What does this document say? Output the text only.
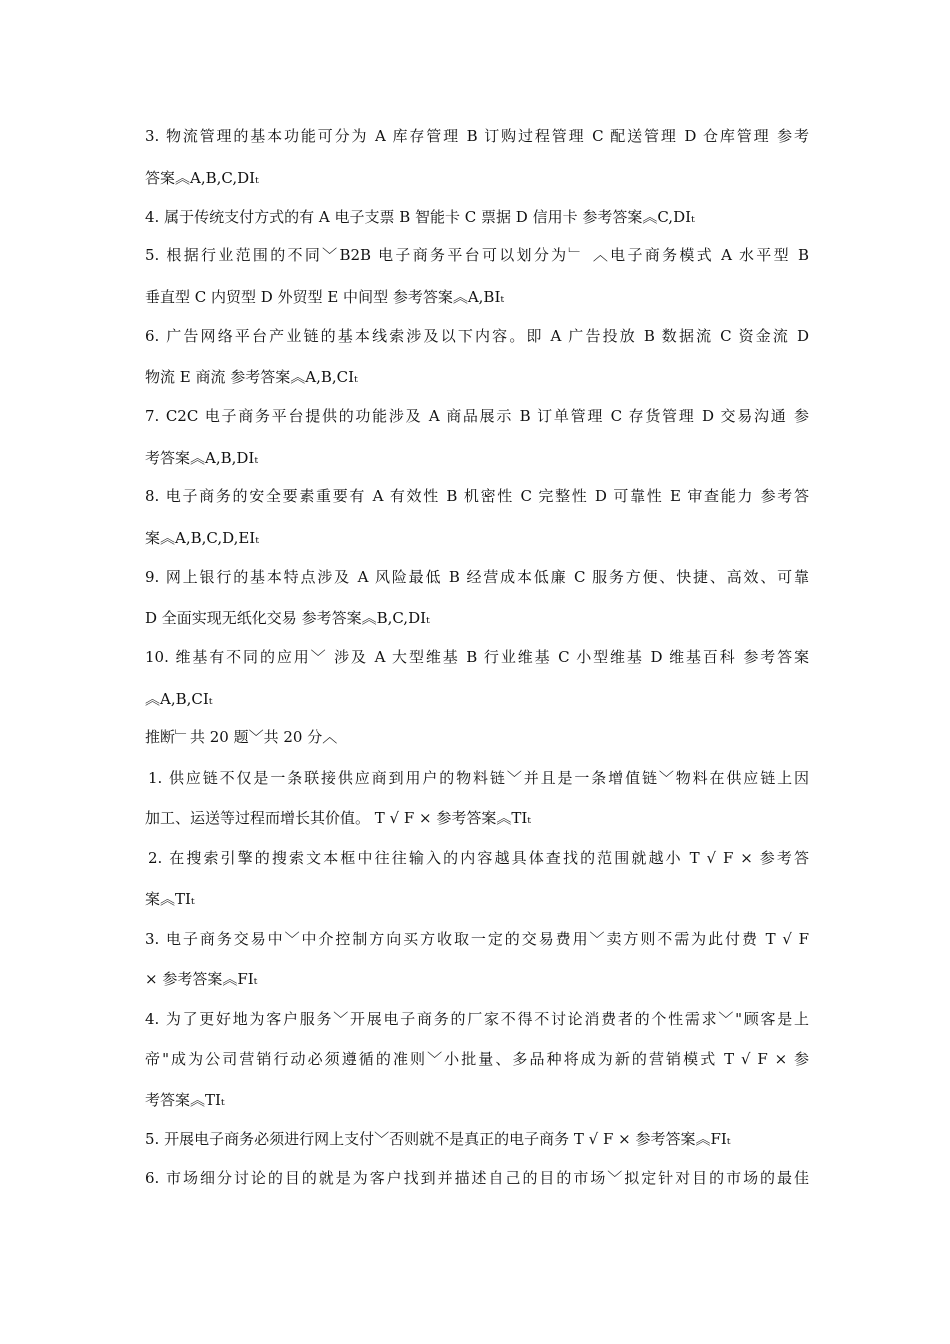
3. 物流管理的基本功能可分为 A 库存管理 B 订购过程管理 C 配送管理 D 仓库管理 参考
答案︽A,B,C,DIₜ
4. 属于传统支付方式的有 A 电子支票 B 智能卡 C 票据 D 信用卡 参考答案︽C,DIₜ
5. 根据行业范围的不同﹀B2B 电子商务平台可以划分为﹂ ︿电子商务模式 A 水平型 B
垂直型 C 内贸型 D 外贸型 E 中间型 参考答案︽A,BIₜ
6. 广告网络平台产业链的基本线索涉及以下内容。即 A 广告投放 B 数据流 C 资金流 D
物流 E 商流 参考答案︽A,B,CIₜ
7. C2C 电子商务平台提供的功能涉及 A 商品展示 B 订单管理 C 存货管理 D 交易沟通 参
考答案︽A,B,DIₜ
8. 电子商务的安全要素重要有 A 有效性 B 机密性 C 完整性 D 可靠性 E 审查能力 参考答
案︽A,B,C,D,EIₜ
9. 网上银行的基本特点涉及 A 风险最低 B 经营成本低廉 C 服务方便、快捷、高效、可靠
D 全面实现无纸化交易 参考答案︽B,C,DIₜ
10. 维基有不同的应用﹀ 涉及 A 大型维基 B 行业维基 C 小型维基 D 维基百科 参考答案
︽A,B,CIₜ
推断﹂共 20 题﹀共 20 分︿
1. 供应链不仅是一条联接供应商到用户的物料链﹀并且是一条增值链﹀物料在供应链上因
加工、运送等过程而增长其价值。 T √ F × 参考答案︽TIₜ
2. 在搜索引擎的搜索文本框中往往输入的内容越具体查找的范围就越小 T √ F × 参考答
案︽TIₜ
3. 电子商务交易中﹀中介控制方向买方收取一定的交易费用﹀卖方则不需为此付费 T √ F
× 参考答案︽FIₜ
4. 为了更好地为客户服务﹀开展电子商务的厂家不得不讨论消费者的个性需求﹀"顾客是上
帝"成为公司营销行动必须遵循的准则﹀小批量、多品种将成为新的营销模式 T √ F × 参
考答案︽TIₜ
5. 开展电子商务必须进行网上支付﹀否则就不是真正的电子商务 T √ F × 参考答案︽FIₜ
6. 市场细分讨论的目的就是为客户找到并描述自己的目的市场﹀拟定针对目的市场的最佳
